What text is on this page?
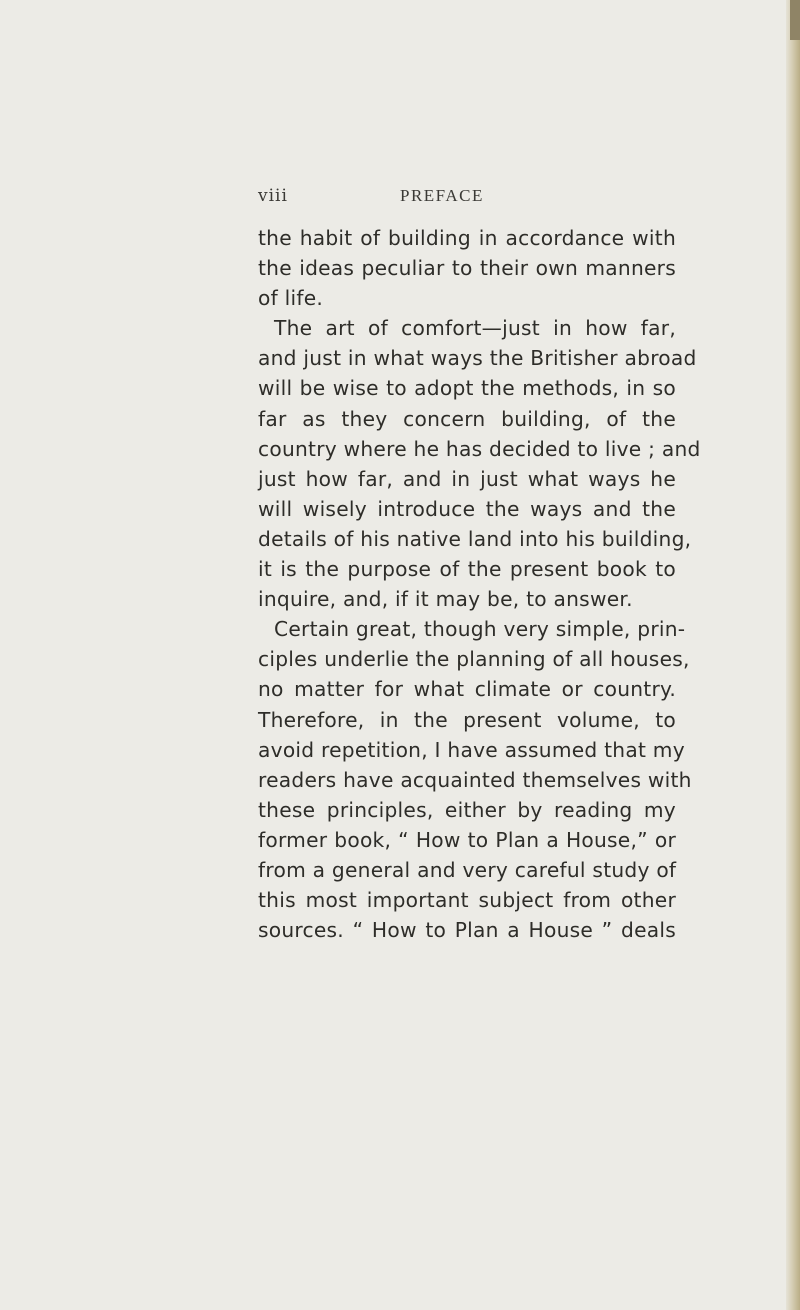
viii	PREFACE
the habit of building in accordance with
the ideas peculiar to their own manners
of life.
The art of comfort—just in how far,
and just in what ways the Britisher abroad
will be wise to adopt the methods, in so
far as they concern building, of the
country where he has decided to live ; and
just how far, and in just what ways he
will wisely introduce the ways and the
details of his native land into his building,
it is the purpose of the present book to
inquire, and, if it may be, to answer.
Certain great, though very simple, prin-
ciples underlie the planning of all houses,
no matter for what climate or country.
Therefore, in the present volume, to
avoid repetition, I have assumed that my
readers have acquainted themselves with
these principles, either by reading my
former book, “ How to Plan a House,” or
from a general and very careful study of
this most important subject from other
sources. “ How to Plan a House ” deals
